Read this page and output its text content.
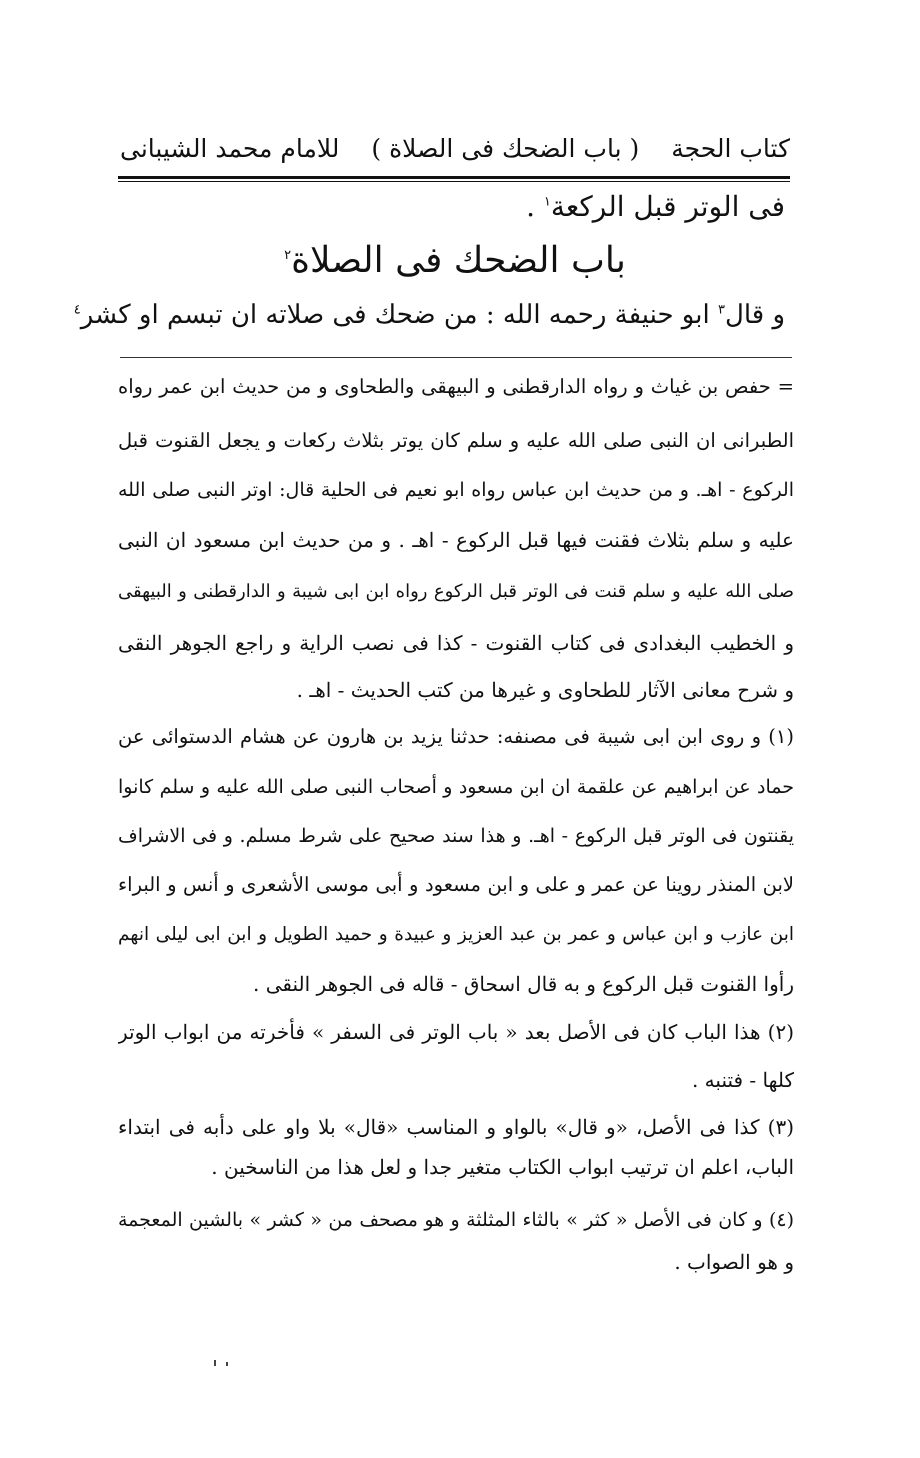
كتاب الحجة
( باب الضحك فى الصلاة )
للامام محمد الشيبانى
فى الوتر قبل الركعة$^١$ .
باب الضحك فى الصلاة$^٢$
و قال$^٣$ ابو حنيفة رحمه الله : من ضحك فى صلاته ان تبسم او كشر$^٤$
= حفص بن غياث و رواه الدارقطنى و البيهقى والطحاوى و من حديث ابن عمر رواه
الطبرانى ان النبى صلى الله عليه و سلم كان يوتر بثلاث ركعات و يجعل القنوت قبل
الركوع - اهـ. و من حديث ابن عباس رواه ابو نعيم فى الحلية قال: اوتر النبى صلى الله
عليه و سلم بثلاث فقنت فيها قبل الركوع - اهـ . و من حديث ابن مسعود ان النبى
صلى الله عليه و سلم قنت فى الوتر قبل الركوع رواه ابن ابى شيبة و الدارقطنى و البيهقى
و الخطيب البغدادى فى كتاب القنوت - كذا فى نصب الراية و راجع الجوهر النقى
و شرح معانى الآثار للطحاوى و غيرها من كتب الحديث - اهـ .
(١) و روى ابن ابى شيبة فى مصنفه: حدثنا يزيد بن هارون عن هشام الدستوائى عن
حماد عن ابراهيم عن علقمة ان ابن مسعود و أصحاب النبى صلى الله عليه و سلم كانوا
يقنتون فى الوتر قبل الركوع - اهـ. و هذا سند صحيح على شرط مسلم. و فى الاشراف
لابن المنذر روينا عن عمر و على و ابن مسعود و أبى موسى الأشعرى و أنس و البراء
ابن عازب و ابن عباس و عمر بن عبد العزيز و عبيدة و حميد الطويل و ابن ابى ليلى انهم
رأوا القنوت قبل الركوع و به قال اسحاق - قاله فى الجوهر النقى .
(٢) هذا الباب كان فى الأصل بعد « باب الوتر فى السفر » فأخرته من ابواب الوتر
كلها - فتنبه .
(٣) كذا فى الأصل، «و قال» بالواو و المناسب «قال» بلا واو على دأبه فى ابتداء
الباب، اعلم ان ترتيب ابواب الكتاب متغير جدا و لعل هذا من الناسخين .
(٤) و كان فى الأصل « كثر » بالثاء المثلثة و هو مصحف من « كشر » بالشين المعجمة
و هو الصواب .
